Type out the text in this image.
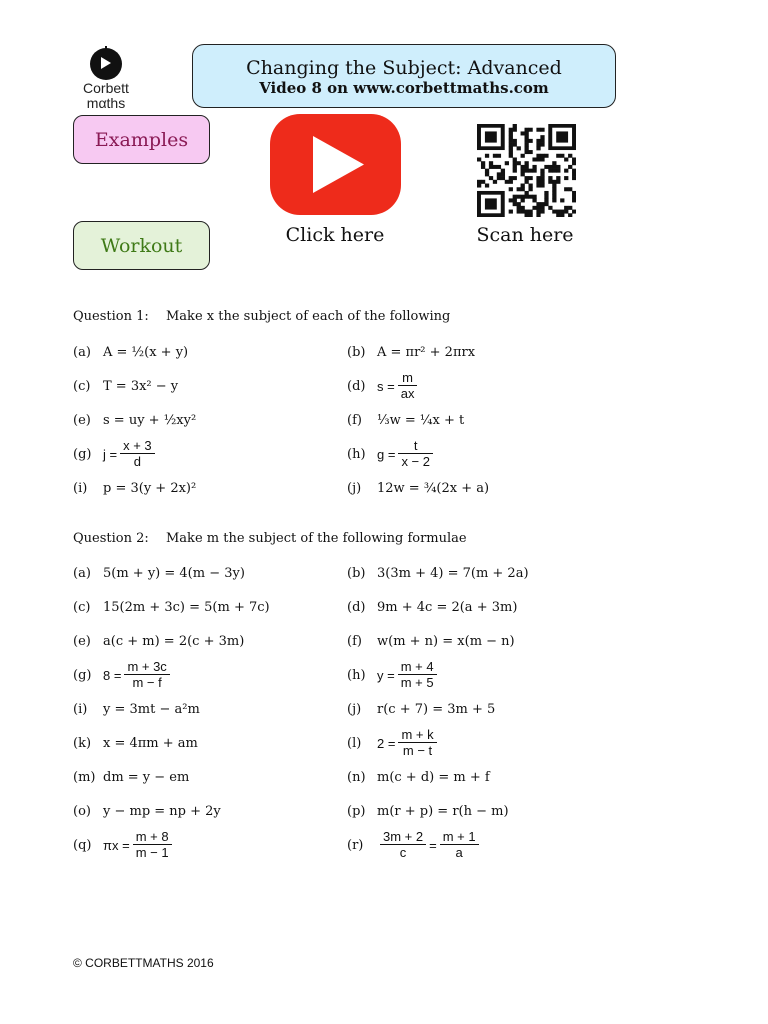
Corbett
mαths
Changing the Subject: Advanced
Video 8 on www.corbettmaths.com
Examples
Workout	Click here	Scan here
Question 1: Make x the subject of each of the following
(a) A = ½(x + y)	(b) A = πr² + 2πrx
(c) T = 3x² − y	(d) $s = \frac{m}{ax}$
(e) s = uy + ½xy²	(f)	⅓w = ¼x + t
(g) $j = \frac{x + 3}{d}$	(h) $g = \frac{t}{x - 2}$
(i)	p = 3(y + 2x)²	(j)	12w = ¾(2x + a)
Question 2: Make m the subject of the following formulae
(a) 5(m + y) = 4(m − 3y)	(b) 3(3m + 4) = 7(m + 2a)
(c) 15(2m + 3c) = 5(m + 7c)	(d) 9m + 4c = 2(a + 3m)
(e) a(c + m) = 2(c + 3m)	(f)	w(m + n) = x(m − n)
(g) $8 = \frac{m + 3c}{m - f}$	(h) $y = \frac{m + 4}{m + 5}$
(i)	y = 3mt − a²m	(j)	r(c + 7) = 3m + 5
(k) x = 4πm + am	(l)	$2 = \frac{m + k}{m - t}$
(m) dm = y − em	(n) m(c + d) = m + f
(o) y − mp = np + 2y	(p) m(r + p) = r(h − m)
(q) $\pi x = \frac{m + 8}{m - 1}$	(r)	$\frac{3m + 2}{c} = \frac{m + 1}{a}$
© CORBETTMATHS 2016
